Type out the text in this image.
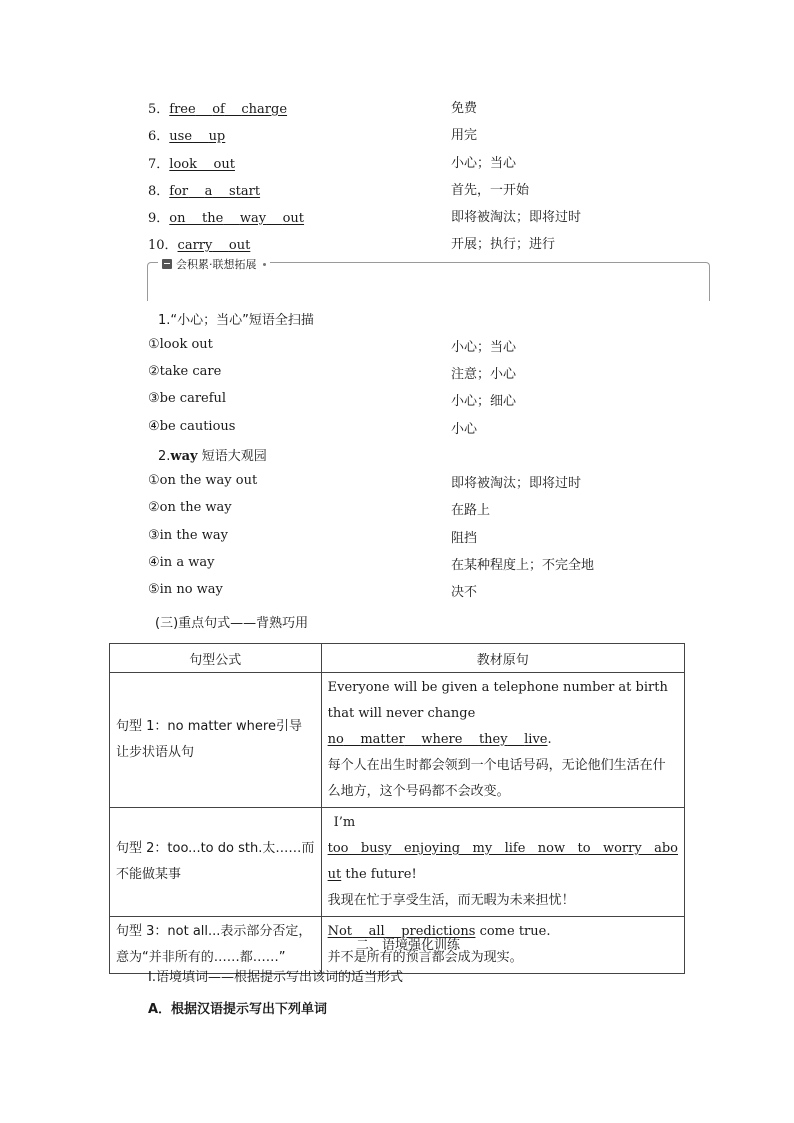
5．free of charge	免费
6．use up	用完
7．look out	小心；当心
8．for a start	首先，一开始
9．on the way out	即将被淘汰；即将过时
10．carry out	开展；执行；进行
会积累·联想拓展
1.“小心；当心”短语全扫描
①look out	小心；当心
②take care	注意；小心
③be careful	小心；细心
④be cautious	小心
2.way 短语大观园
①on the way out	即将被淘汰；即将过时
②on the way	在路上
③in the way	阻挡
④in a way	在某种程度上；不完全地
⑤in no way	决不
(三)重点句式——背熟巧用
句型公式	教材原句
句型 1：no matter where引导让步状语从句	Everyone will be given a telephone number at birth that will never change no matter where they live.
每个人在出生时都会领到一个电话号码，无论他们生活在什么地方，这个号码都不会改变。

句型 2：too...to do sth.太……而不能做某事	I’m
too   busy   enjoying   my   life   now   to   worry   abo
ut the future!
我现在忙于享受生活，而无暇为未来担忧！

句型 3：not all...表示部分否定，意为“并非所有的……都……”	Not all predictions come true.
并不是所有的预言都会成为现实。
二、语境强化训练
Ⅰ.语境填词——根据提示写出该词的适当形式
A．根据汉语提示写出下列单词
